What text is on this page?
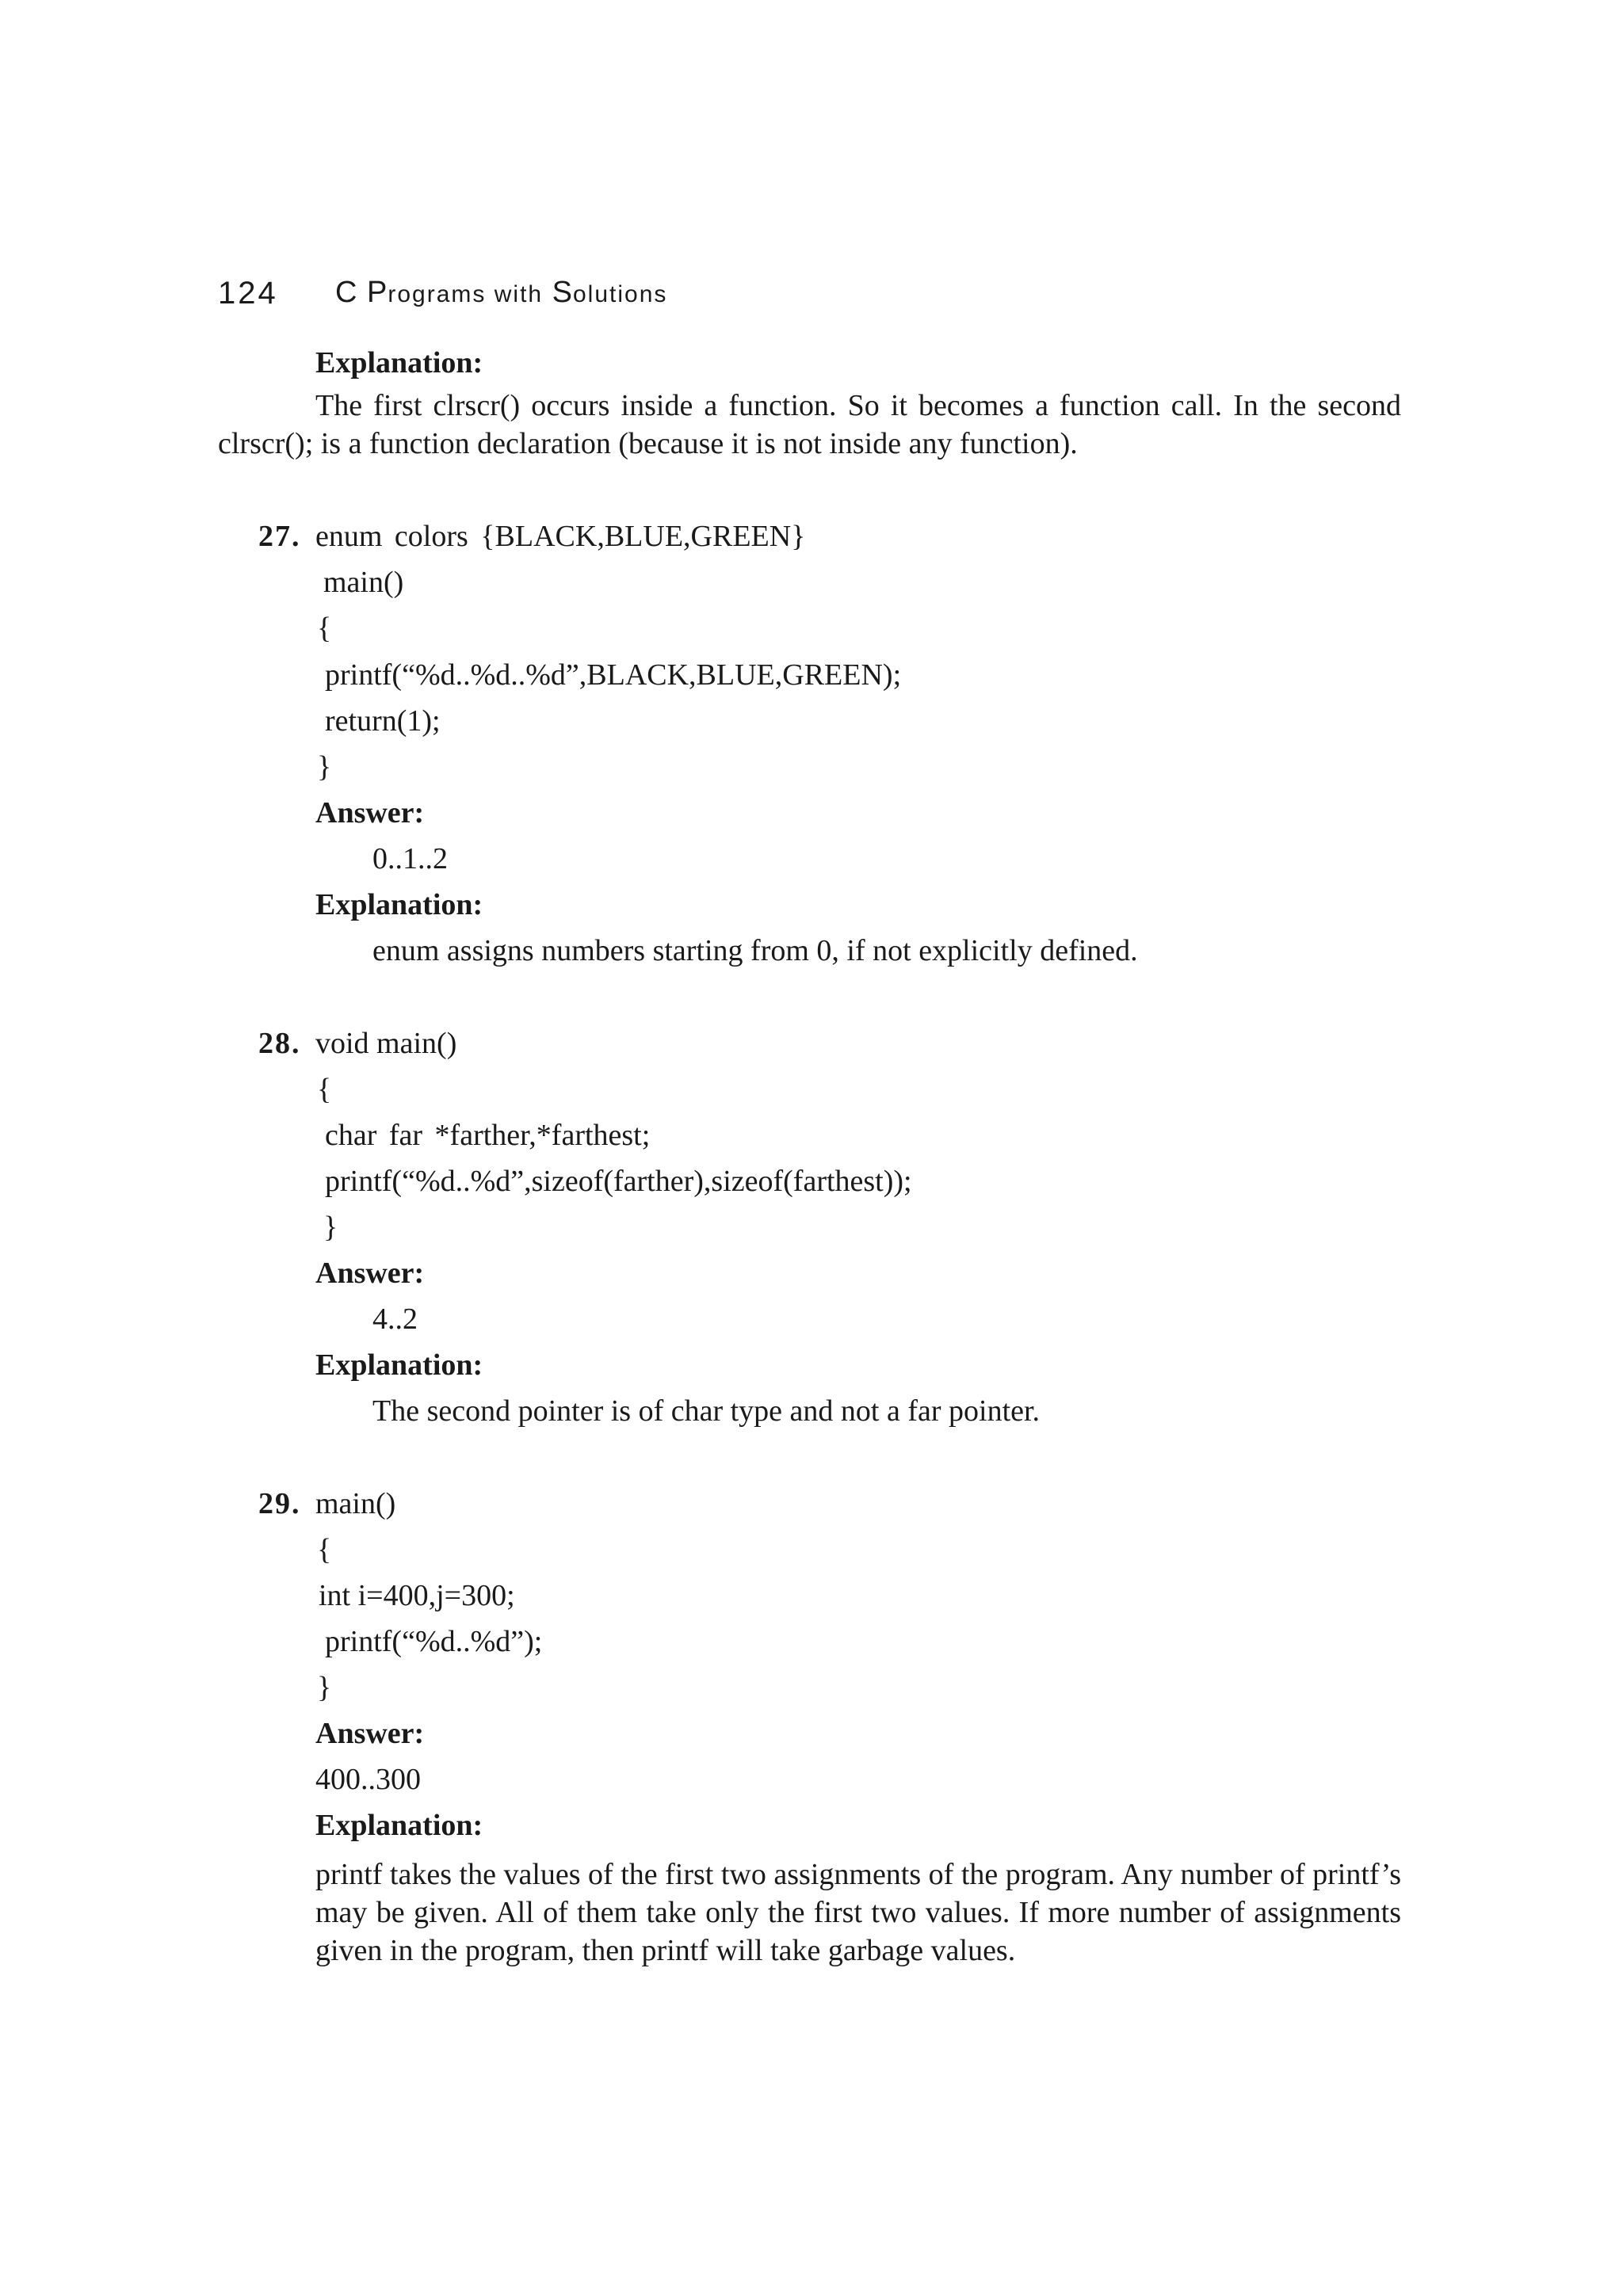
124 C Programs with Solutions
Explanation:
The first clrscr() occurs inside a function. So it becomes a function call. In the second
clrscr(); is a function declaration (because it is not inside any function).
27. enum colors {BLACK,BLUE,GREEN}
main()
{
printf(“%d..%d..%d”,BLACK,BLUE,GREEN);
return(1);
}
Answer:
0..1..2
Explanation:
enum assigns numbers starting from 0, if not explicitly defined.
28. void main()
{
char far *farther,*farthest;
printf(“%d..%d”,sizeof(farther),sizeof(farthest));
}
Answer:
4..2
Explanation:
The second pointer is of char type and not a far pointer.
29. main()
{
int i=400,j=300;
printf(“%d..%d”);
}
Answer:
400..300
Explanation:
printf takes the values of the first two assignments of the program. Any number of printf’s may be given. All of them take only the first two values. If more number of assignments given in the program, then printf will take garbage values.
